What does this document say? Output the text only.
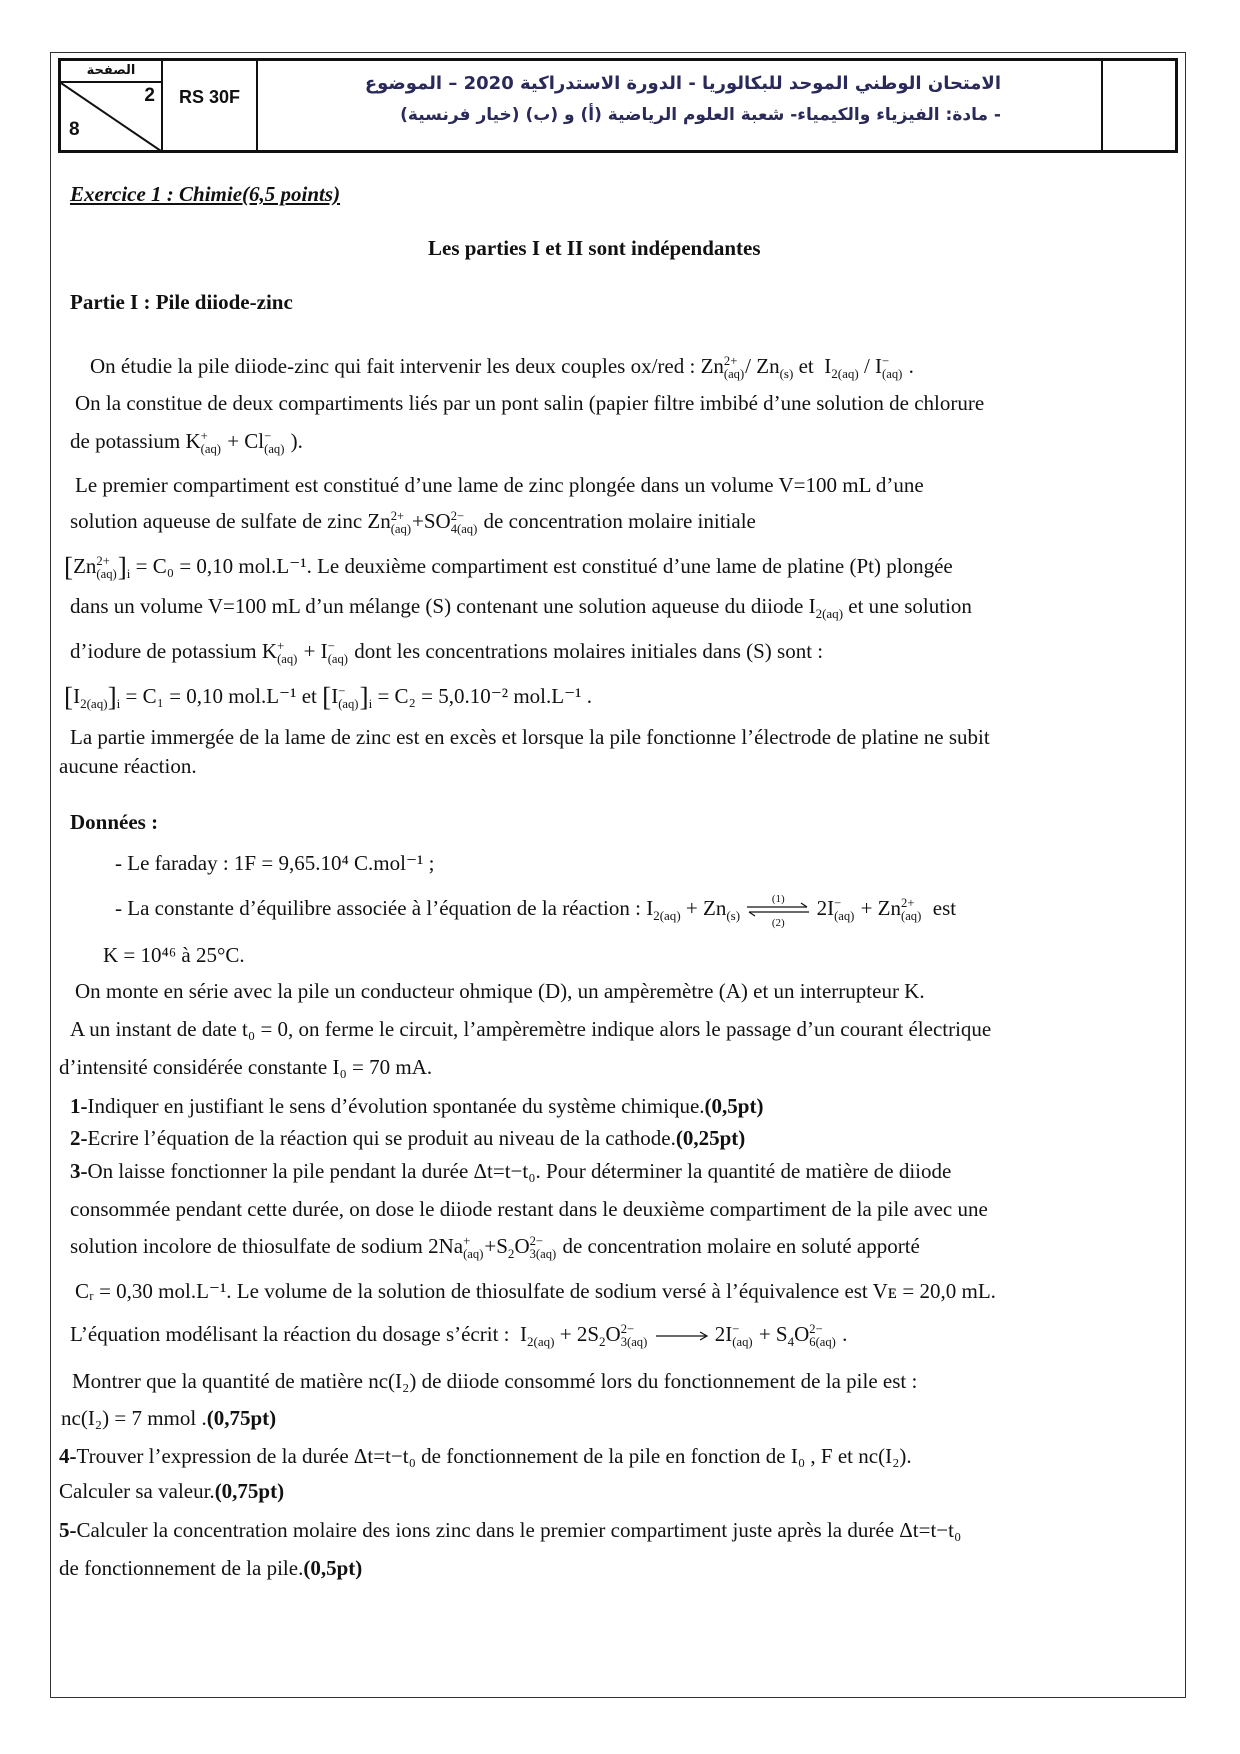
الصفحة
2
8
RS 30F
الامتحان الوطني الموحد للبكالوريا - الدورة الاستدراكية 2020 – الموضوع
- مادة: الفيزياء والكيمياء- شعبة العلوم الرياضية (أ) و (ب) (خيار فرنسية)
Exercice 1 : Chimie(6,5 points)
Les parties I et II sont indépendantes
Partie I : Pile diiode-zinc
On étudie la pile diiode-zinc qui fait intervenir les deux couples ox/red : Zn 2+
$(aq) / Zn_{(s)}$ et  $I_{2(aq)}$ / I −
(aq) .
On la constitue de deux compartiments liés par un pont salin (papier filtre imbibé d’une solution de chlorure
de potassium K +
(aq) + Cl −
(aq) ).
Le premier compartiment est constitué d’une lame de zinc plongée dans un volume V=100 mL d’une
solution aqueuse de sulfate de zinc Zn 2+
(aq) +SO 2−
4(aq) de concentration molaire initiale
[Zn 2+
(aq) ]$_i = C_0 = 0,10$ mol.L⁻¹. Le deuxième compartiment est constitué d’une lame de platine (Pt) plongée
dans un volume V=100 mL d’un mélange (S) contenant une solution aqueuse du diiode $I_{2(aq)}$ et une solution
d’iodure de potassium K +
(aq) + I −
(aq) dont les concentrations molaires initiales dans (S) sont :
$[I_{2(aq)}]_i = C_1 = 0,10$ mol.L⁻¹ et [I −
(aq) ]$_i = C_2 = 5,0.10^{-2}$ mol.L⁻¹ .
La partie immergée de la lame de zinc est en excès et lorsque la pile fonctionne l’électrode de platine ne subit
aucune réaction.
Données :
- Le faraday : 1F = 9,65.10⁴ C.mol⁻¹ ;
- La constante d’équilibre associée à l’équation de la réaction : $I_{2(aq)} + Zn_{(s)}$
(1)
(2)
2I −
(aq) + Zn 2+
(aq) est
K = 10⁴⁶ à 25°C.
On monte en série avec la pile un conducteur ohmique (D), un ampèremètre (A) et un interrupteur K.
A un instant de date t₀ = 0, on ferme le circuit, l’ampèremètre indique alors le passage d’un courant électrique
d’intensité considérée constante I₀ = 70 mA.
1-Indiquer en justifiant le sens d’évolution spontanée du système chimique.(0,5pt)
2-Ecrire l’équation de la réaction qui se produit au niveau de la cathode.(0,25pt)
3-On laisse fonctionner la pile pendant la durée Δt=t−t₀. Pour déterminer la quantité de matière de diiode
consommée pendant cette durée, on dose le diiode restant dans le deuxième compartiment de la pile avec une
solution incolore de thiosulfate de sodium 2Na +
$(aq) +S_2O$ 2−
3(aq) de concentration molaire en soluté apporté
Cᵣ = 0,30 mol.L⁻¹. Le volume de la solution de thiosulfate de sodium versé à l’équivalence est Vᴇ = 20,0 mL.
L’équation modélisant la réaction du dosage s’écrit :  $I_{2(aq)} + 2S_2O$ 2−
3(aq) → 2I −
$(aq) + S_4O$ 2−
6(aq) .
Montrer que la quantité de matière nc(I₂) de diiode consommé lors du fonctionnement de la pile est :
nc(I₂) = 7 mmol .(0,75pt)
4-Trouver l’expression de la durée Δt=t−t₀ de fonctionnement de la pile en fonction de I₀ , F et nc(I₂).
Calculer sa valeur.(0,75pt)
5-Calculer la concentration molaire des ions zinc dans le premier compartiment juste après la durée Δt=t−t₀
de fonctionnement de la pile.(0,5pt)
